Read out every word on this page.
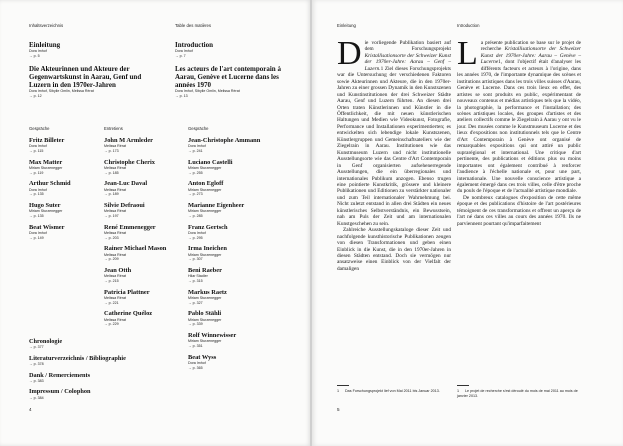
Inhaltsverzeichnis	Table des matières
Einleitung
Dora Imhof
→ p. 5
Die Akteurinnen und Akteure der Gegenwartskunst in Aarau, Genf und Luzern in den 1970er-Jahren
Dora Imhof, Sibylle Omlin, Melissa Rérat
→ p. 12
Introduction
Dora Imhof
→ p. 7
Les acteurs de l'art contemporain à Aarau, Genève et Lucerne dans les années 1970
Dora Imhof, Sibylle Omlin, Melissa Rérat
→ p. 13
Gespräche	Entretiens	Gespräche
Fritz Billeter
Dora Imhof
→ p. 115
Max Matter
Miriam Sturzenegger
→ p. 119
Arthur Schmid
Dora Imhof
→ p. 135
Hugo Suter
Miriam Sturzenegger
→ p. 135
Beat Wismer
Dora Imhof
→ p. 149
John M Armleder
Melissa Rérat
→ p. 173
Christophe Cherix
Melissa Rérat
→ p. 185
Jean-Luc Daval
Melissa Rérat
→ p. 189
Silvie Defraoui
Melissa Rérat
→ p. 197
René Emmenegger
Melissa Rérat
→ p. 203
Rainer Michael Mason
Melissa Rérat
→ p. 209
Jean Otth
Melissa Rérat
→ p. 215
Patricia Plattner
Melissa Rérat
→ p. 221
Catherine Quéloz
Melissa Rérat
→ p. 229
Jean-Christophe Ammann
Dora Imhof
→ p. 241
Luciano Castelli
Miriam Sturzenegger
→ p. 255
Anton Egloff
Miriam Sturzenegger
→ p. 273
Marianne Eigenheer
Miriam Sturzenegger
→ p. 285
Franz Gertsch
Dora Imhof
→ p. 295
Irma Ineichen
Miriam Sturzenegger
→ p. 307
Beni Raeber
Hilar Stadler
→ p. 315
Markus Raetz
Miriam Sturzenegger
→ p. 327
Pablo Stähli
Miriam Sturzenegger
→ p. 339
Rolf Winnewisser
Miriam Sturzenegger
→ p. 351
Beat Wyss
Dora Imhof
→ p. 365
Chronologie
→ p. 377
Literaturverzeichnis / Bibliographie
→ p. 378
Dank / Remerciements
→ p. 383
Impressum / Colophon
→ p. 384
4
Einleitung	Introduction

Die vorliegende Publikation basiert auf dem Forschungsprojekt Kristallisationsorte der Schweizer Kunst der 1970er-Jahre: Aarau – Genf – Luzern.1 Ziel dieses Forschungsprojekts war die Untersuchung der verschiedenen Faktoren sowie Akteurinnen und Akteure, die in den 1970er-Jahren zu einer grossen Dynamik in den Kunstszenen und Kunstinstitutionen der drei Schweizer Städte Aarau, Genf und Luzern führten. An diesen drei Orten traten Künstlerinnen und Künstler in die Öffentlichkeit, die mit neuen künstlerischen Haltungen und Medien wie Videokunst, Fotografie, Performance und Installationen experimentierten; es entwickelten sich lebendige lokale Kunstszenen, Künstlergruppen und Gemeinschaftsateliers wie der Ziegelrain in Aarau. Institutionen wie das Kunstmuseum Luzern und nicht institutionelle Ausstellungsorte wie das Centre d'Art Contemporain in Genf organisierten aufsehenerregende Ausstellungen, die ein überregionales und internationales Publikum anzogen. Ebenso trugen eine pointierte Kunstkritik, grössere und kleinere Publikationen und Editionen zu verstärkter nationaler und zum Teil internationaler Wahrnehmung bei. Nicht zuletzt entstand in allen drei Städten ein neues künstlerisches Selbstverständnis, ein Bewusstsein, nah am Puls der Zeit und am internationalen Kunstgeschehen zu sein.

Zahlreiche Ausstellungskataloge dieser Zeit und nachfolgende kunsthistorische Publikationen zeugen von diesen Transformationen und geben einen Einblick in die Kunst, die in den 1970er-Jahren in diesen Städten entstand. Doch sie vermögen nur ansatzweise einen Einblick von der Vielfalt der damaligen

La présente publication se base sur le projet de recherche Kristallisationsorte der Schweizer Kunst der 1970er-Jahre: Aarau – Genève – Lucerne1, dont l'objectif était d'analyser les différents facteurs et acteurs à l'origine, dans les années 1970, de l'importante dynamique des scènes et institutions artistiques dans les trois villes suisses d'Aarau, Genève et Lucerne. Dans ces trois lieux en effet, des artistes se sont produits en public, expérimentant de nouveaux contenus et médias artistiques tels que la vidéo, la photographie, la performance et l'installation; des scènes artistiques locales, des groupes d'artistes et des ateliers collectifs comme le Ziegelrain à Aarau y ont vu le jour. Des musées comme le Kunstmuseum Lucerne et des lieux d'expositions non institutionnels tels que le Centre d'Art Contemporain à Genève ont organisé de remarquables expositions qui ont attiré un public suprarégional et international. Une critique d'art pertinente, des publications et éditions plus ou moins importantes ont également contribué à renforcer l'audience à l'échelle nationale et, pour une part, internationale. Une nouvelle conscience artistique a également émergé dans ces trois villes, celle d'être proche du pouls de l'époque et de l'actualité artistique mondiale.

De nombreux catalogues d'exposition de cette même époque et des publications d'histoire de l'art postérieures témoignent de ces transformations et offrent un aperçu de l'art né dans ces villes au cours des années 1970. Ils ne parviennent pourtant qu'imparfaitement

1 Das Forschungsprojekt lief von Mai 2011 bis Januar 2013.	1 Le projet de recherche s'est déroulé du mois de mai 2011 au mois de janvier 2013.
5
